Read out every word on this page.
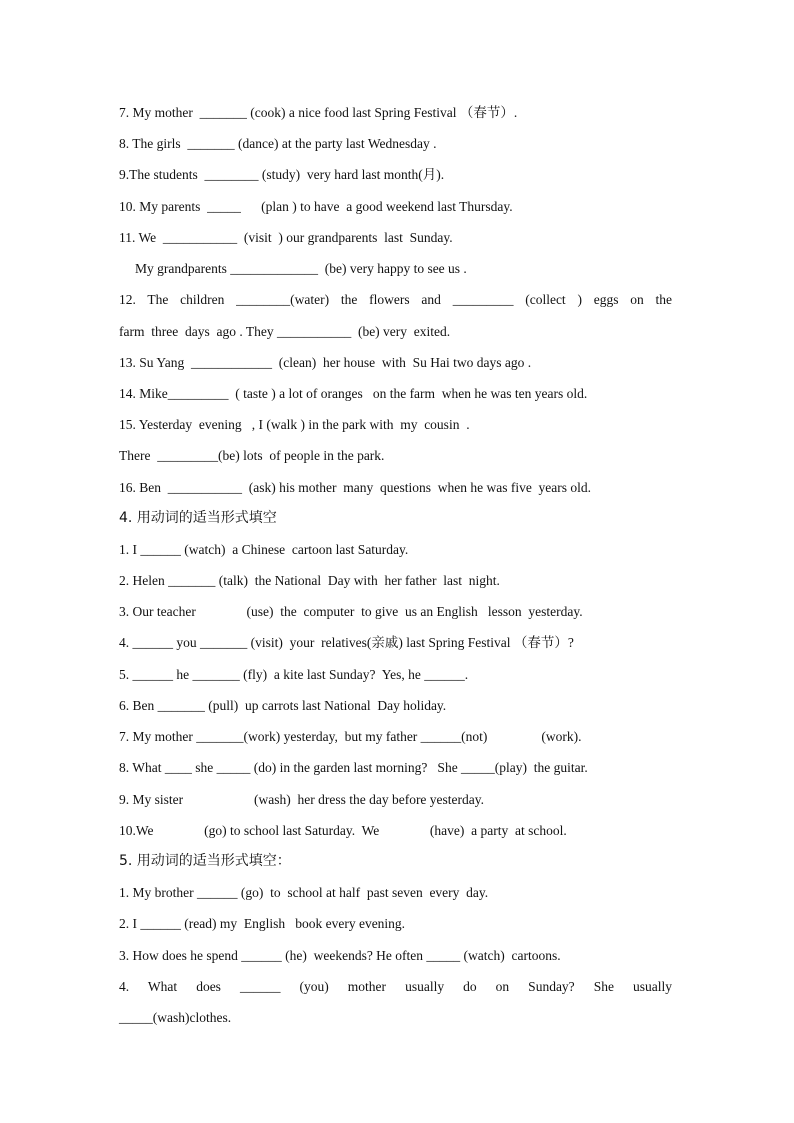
7. My mother  _______ (cook) a nice food last Spring Festival （春节）.
8. The girls  _______ (dance) at the party last Wednesday .
9.The students  ________ (study)  very hard last month(月).
10. My parents  _____      (plan ) to have  a good weekend last Thursday.
11. We  ___________  (visit  ) our grandparents  last  Sunday.
My grandparents _____________  (be) very happy to see us .
12. The children ________(water) the flowers and _________ (collect ) eggs on the
farm  three  days  ago . They ___________  (be) very  exited.
13. Su Yang  ____________  (clean)  her house  with  Su Hai two days ago .
14. Mike_________  ( taste ) a lot of oranges   on the farm  when he was ten years old.
15. Yesterday  evening   , I (walk ) in the park with  my  cousin  .
There  _________(be) lots  of people in the park.
16. Ben  ___________  (ask) his mother  many  questions  when he was five  years old.
4. 用动词的适当形式填空
1. I ______ (watch)  a Chinese  cartoon last Saturday.
2. Helen _______ (talk)  the National  Day with  her father  last  night.
3. Our teacher               (use)  the  computer  to give  us an English   lesson  yesterday.
4. ______ you _______ (visit)  your  relatives(亲戚) last Spring Festival （春节）?
5. ______ he _______ (fly)  a kite last Sunday?  Yes, he ______.
6. Ben _______ (pull)  up carrots last National  Day holiday.
7. My mother _______(work) yesterday,  but my father ______(not)                (work).
8. What ____ she _____ (do) in the garden last morning?   She _____(play)  the guitar.
9. My sister                     (wash)  her dress the day before yesterday.
10.We               (go) to school last Saturday.  We               (have)  a party  at school.
5. 用动词的适当形式填空：
1. My brother ______ (go)  to  school at half  past seven  every  day.
2. I ______ (read) my  English   book every evening.
3. How does he spend ______ (he)  weekends? He often _____ (watch)  cartoons.
4. What does ______ (you) mother usually do on Sunday? She usually
_____(wash)clothes.
